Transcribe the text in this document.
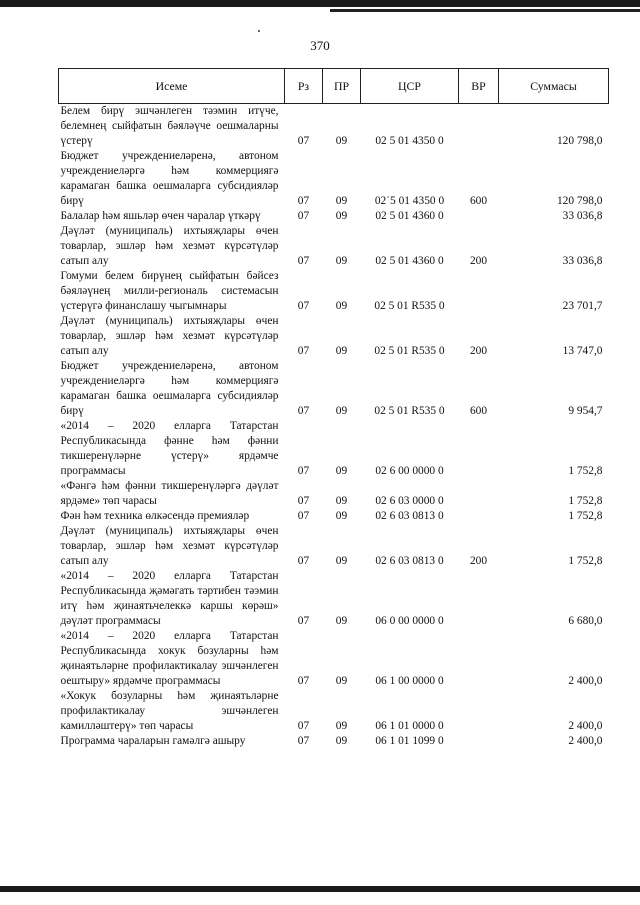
370
Исеме	Рз	ПР	ЦСР	ВР	Суммасы
Белем бирү эшчәнлеген тәэмин итүче, белемнең сыйфатын бәяләүче оешмаларны үстерү	07	09	02 5 01 4350 0		120 798,0
Бюджет учреждениеләренә, автоном учреждениеләргә һәм коммерциягә карамаган башка оешмаларга субсидияләр бирү	07	09	02˙5 01 4350 0	600	120 798,0
Балалар һәм яшьләр өчен чаралар үткәрү	07	09	02 5 01 4360 0		33 036,8
Дәүләт (муниципаль) ихтыяҗлары өчен товарлар, эшләр һәм хезмәт күрсәтүләр сатып алу	07	09	02 5 01 4360 0	200	33 036,8
Гомуми белем бирүнең сыйфатын бәйсез бәяләүнең милли-региональ системасын үстерүгә финанслашу чыгымнары	07	09	02 5 01 R535 0		23 701,7
Дәүләт (муниципаль) ихтыяҗлары өчен товарлар, эшләр һәм хезмәт күрсәтүләр сатып алу	07	09	02 5 01 R535 0	200	13 747,0
Бюджет учреждениеләренә, автоном учреждениеләргә һәм коммерциягә карамаган башка оешмаларга субсидияләр бирү	07	09	02 5 01 R535 0	600	9 954,7
«2014 – 2020 елларга Татарстан Республикасында фәнне һәм фәнни тикшеренүләрне үстерү» ярдәмче программасы	07	09	02 6 00 0000 0		1 752,8
«Фәнгә һәм фәнни тикшеренүләргә дәүләт ярдәме» төп чарасы	07	09	02 6 03 0000 0		1 752,8
Фән һәм техника өлкәсендә премияләр	07	09	02 6 03 0813 0		1 752,8
Дәүләт (муниципаль) ихтыяҗлары өчен товарлар, эшләр һәм хезмәт күрсәтүләр сатып алу	07	09	02 6 03 0813 0	200	1 752,8
«2014 – 2020 елларга Татарстан Республикасында җәмәгать тәртибен тәэмин итү һәм җинаятьчелеккә каршы көрәш» дәүләт программасы	07	09	06 0 00 0000 0		6 680,0
«2014 – 2020 елларга Татарстан Республикасында хокук бозуларны һәм җинаятьләрне профилактикалау эшчәнлеген оештыру» ярдәмче программасы	07	09	06 1 00 0000 0		2 400,0
«Хокук бозуларны һәм җинаятьләрне профилактикалау эшчәнлеген камилләштерү» төп чарасы	07	09	06 1 01 0000 0		2 400,0
Программа чараларын гамәлгә ашыру	07	09	06 1 01 1099 0		2 400,0
